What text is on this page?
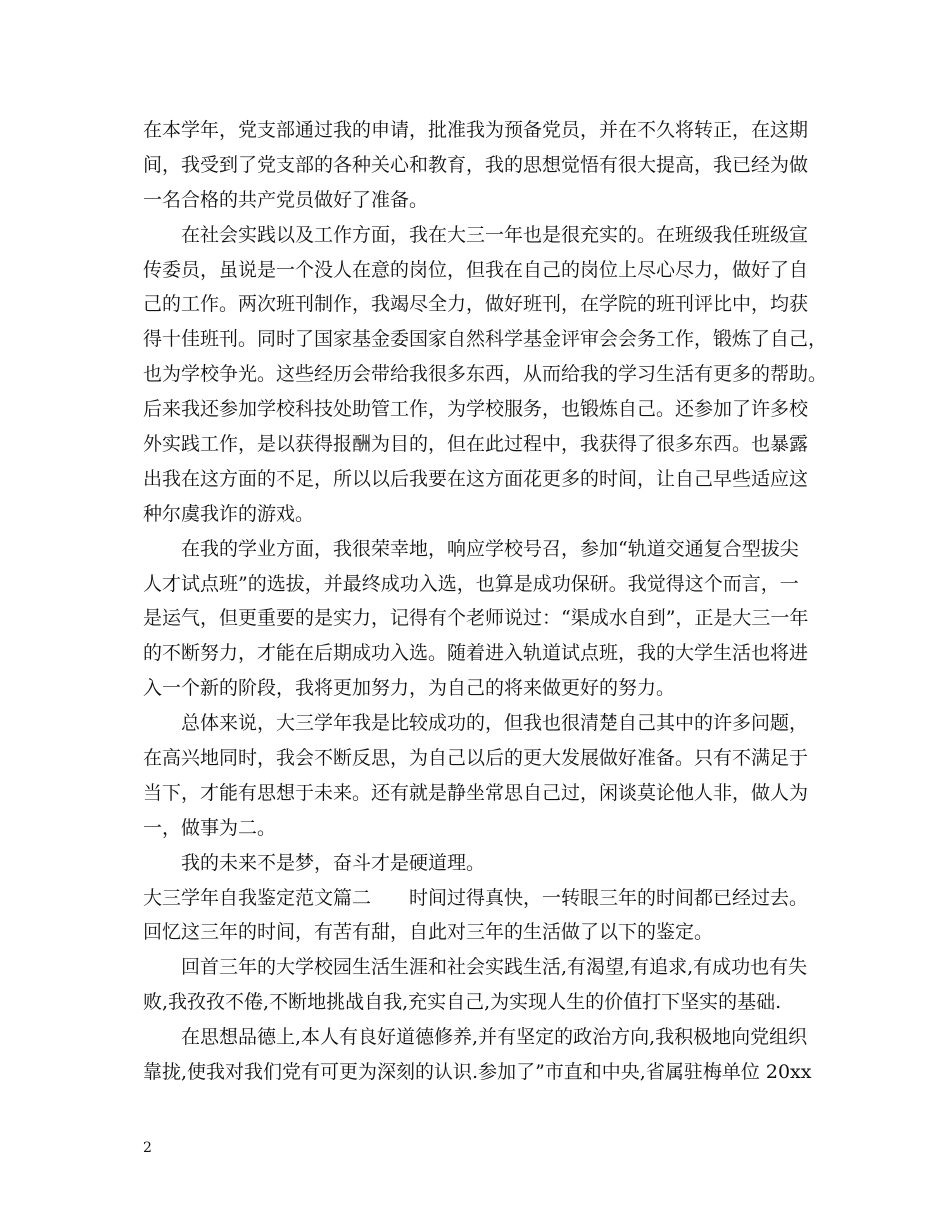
在本学年，党支部通过我的申请，批准我为预备党员，并在不久将转正，在这期
间，我受到了党支部的各种关心和教育，我的思想觉悟有很大提高，我已经为做
一名合格的共产党员做好了准备。
在社会实践以及工作方面，我在大三一年也是很充实的。在班级我任班级宣
传委员，虽说是一个没人在意的岗位，但我在自己的岗位上尽心尽力，做好了自
己的工作。两次班刊制作，我竭尽全力，做好班刊，在学院的班刊评比中，均获
得十佳班刊。同时了国家基金委国家自然科学基金评审会会务工作，锻炼了自己，
也为学校争光。这些经历会带给我很多东西，从而给我的学习生活有更多的帮助。
后来我还参加学校科技处助管工作，为学校服务，也锻炼自己。还参加了许多校
外实践工作，是以获得报酬为目的，但在此过程中，我获得了很多东西。也暴露
出我在这方面的不足，所以以后我要在这方面花更多的时间，让自己早些适应这
种尔虞我诈的游戏。
在我的学业方面，我很荣幸地，响应学校号召，参加“轨道交通复合型拔尖
人才试点班”的选拔，并最终成功入选，也算是成功保研。我觉得这个而言，一
是运气，但更重要的是实力，记得有个老师说过：“渠成水自到”，正是大三一年
的不断努力，才能在后期成功入选。随着进入轨道试点班，我的大学生活也将进
入一个新的阶段，我将更加努力，为自己的将来做更好的努力。
总体来说，大三学年我是比较成功的，但我也很清楚自己其中的许多问题，
在高兴地同时，我会不断反思，为自己以后的更大发展做好准备。只有不满足于
当下，才能有思想于未来。还有就是静坐常思自己过，闲谈莫论他人非，做人为
一，做事为二。
我的未来不是梦，奋斗才是硬道理。
大三学年自我鉴定范文篇二　　时间过得真快，一转眼三年的时间都已经过去。
回忆这三年的时间，有苦有甜，自此对三年的生活做了以下的鉴定。
回首三年的大学校园生活生涯和社会实践生活,有渴望,有追求,有成功也有失
败,我孜孜不倦,不断地挑战自我,充实自己,为实现人生的价值打下坚实的基础.
在思想品德上,本人有良好道德修养,并有坚定的政治方向,我积极地向党组织
靠拢,使我对我们党有可更为深刻的认识.参加了”市直和中央,省属驻梅单位 20xx
2
